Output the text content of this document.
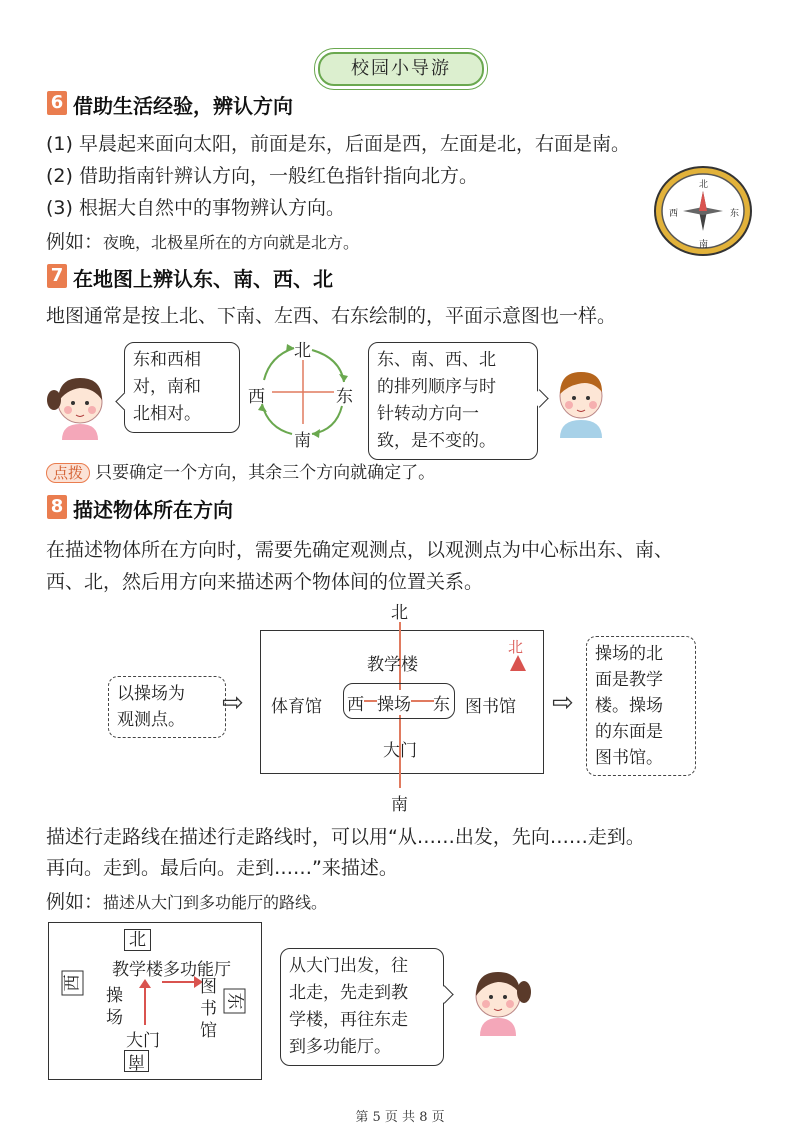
校园小导游
6 借助生活经验，辨认方向
(1) 早晨起来面向太阳，前面是东，后面是西，左面是北，右面是南。
(2) 借助指南针辨认方向，一般红色指针指向北方。
(3) 根据大自然中的事物辨认方向。
例如：夜晚，北极星所在的方向就是北方。
北
南
西	东
7 在地图上辨认东、南、西、北
地图通常是按上北、下南、左西、右东绘制的，平面示意图也一样。
东和西相
对，南和
北相对。
北
南
西	东
东、南、西、北
的排列顺序与时
针转动方向一
致，是不变的。
点拨 只要确定一个方向，其余三个方向就确定了。
8 描述物体所在方向
在描述物体所在方向时，需要先确定观测点，以观测点为中心标出东、南、
西、北，然后用方向来描述两个物体间的位置关系。
以操场为
观测点。
⇨
北
南
北
教学楼
体育馆	图书馆
大门
西 操场 东	⇨
操场的北
面是教学
楼。操场
的东面是
图书馆。
描述行走路线在描述行走路线时，可以用“从……出发，先向……走到。
再向。走到。最后向。走到……”来描述。
例如：描述从大门到多功能厅的路线。
北
教学楼多功能厅
西
东
操
场
图
书
馆
大门
南
从大门出发，往
北走，先走到教
学楼，再往东走
到多功能厅。
第 5 页 共 8 页
